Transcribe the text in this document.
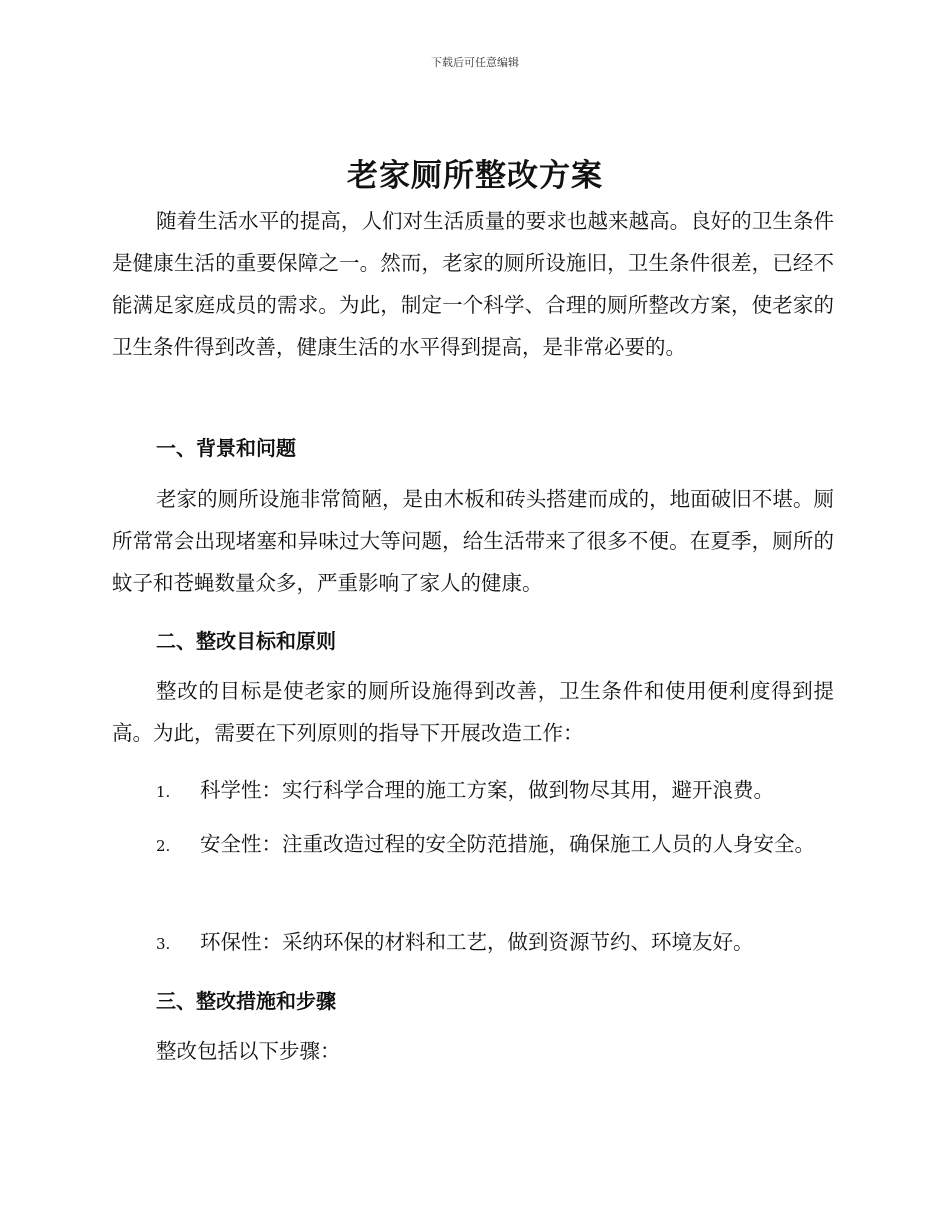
下载后可任意编辑
老家厕所整改方案

随着生活水平的提高，人们对生活质量的要求也越来越高。良好的卫生条件是健康生活的重要保障之一。然而，老家的厕所设施旧，卫生条件很差，已经不能满足家庭成员的需求。为此，制定一个科学、合理的厕所整改方案，使老家的卫生条件得到改善，健康生活的水平得到提高，是非常必要的。

一、背景和问题

老家的厕所设施非常简陋，是由木板和砖头搭建而成的，地面破旧不堪。厕所常常会出现堵塞和异味过大等问题，给生活带来了很多不便。在夏季，厕所的蚊子和苍蝇数量众多，严重影响了家人的健康。

二、整改目标和原则

整改的目标是使老家的厕所设施得到改善，卫生条件和使用便利度得到提高。为此，需要在下列原则的指导下开展改造工作：

1. 科学性：实行科学合理的施工方案，做到物尽其用，避开浪费。

2. 安全性：注重改造过程的安全防范措施，确保施工人员的人身安全。

3. 环保性：采纳环保的材料和工艺，做到资源节约、环境友好。

三、整改措施和步骤

整改包括以下步骤：
